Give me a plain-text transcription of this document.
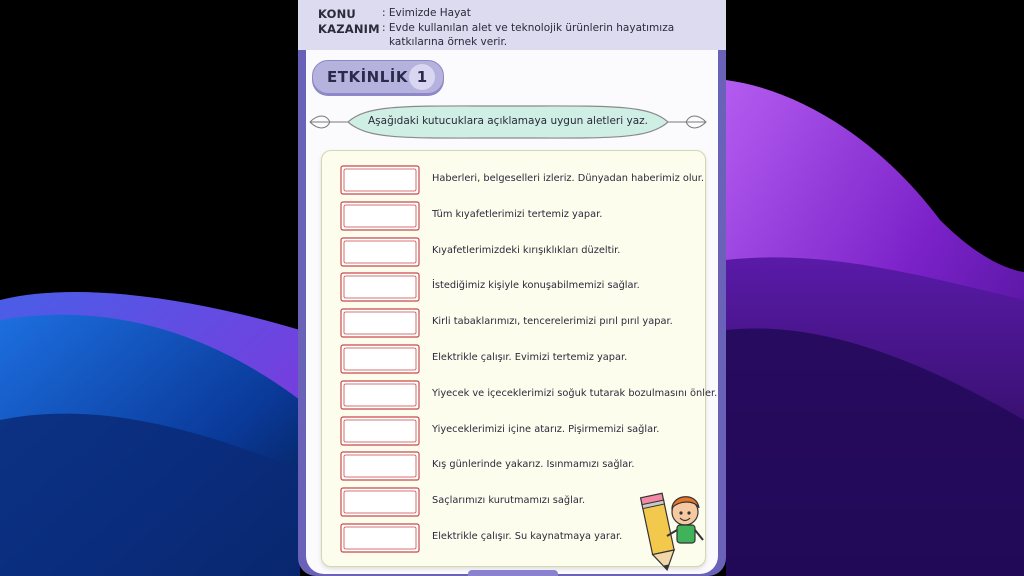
KONU : Evimizde Hayat
KAZANIM : Evde kullanılan alet ve teknolojik ürünlerin hayatımıza
katkılarına örnek verir.
ETKİNLİK 1
Aşağıdaki kutucuklara açıklamaya uygun aletleri yaz.
Haberleri, belgeselleri izleriz. Dünyadan haberimiz olur.
Tüm kıyafetlerimizi tertemiz yapar.
Kıyafetlerimizdeki kırışıklıkları düzeltir.
İstediğimiz kişiyle konuşabilmemizi sağlar.
Kirli tabaklarımızı, tencerelerimizi pırıl pırıl yapar.
Elektrikle çalışır. Evimizi tertemiz yapar.
Yiyecek ve içeceklerimizi soğuk tutarak bozulmasını önler.
Yiyeceklerimizi içine atarız. Pişirmemizi sağlar.
Kış günlerinde yakarız. Isınmamızı sağlar.
Saçlarımızı kurutmamızı sağlar.
Elektrikle çalışır. Su kaynatmaya yarar.
